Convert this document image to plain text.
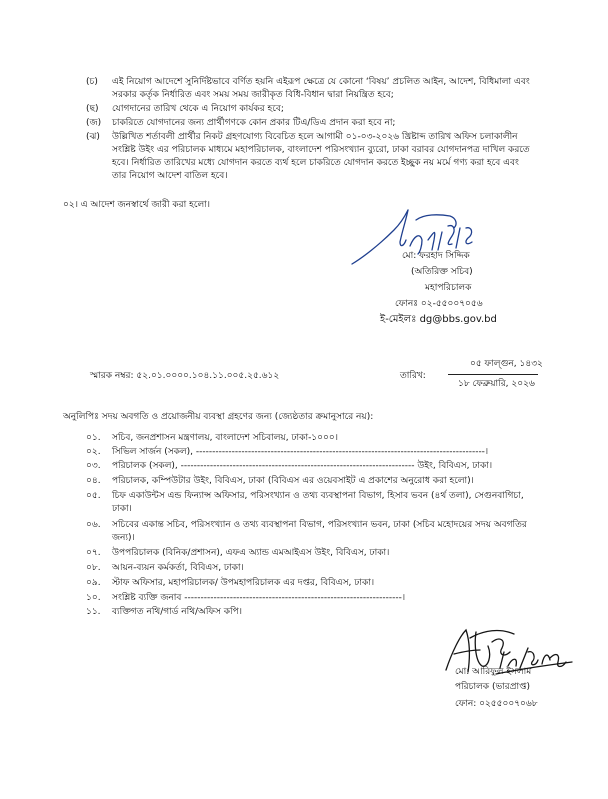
(চ) এই নিয়োগ আদেশে সুনির্দিষ্টভাবে বর্ণিত হয়নি এইরূপ ক্ষেত্রে যে কোনো ‘বিষয়’ প্রচলিত আইন, আদেশ, বিধিমালা এবং সরকার কর্তৃক নির্ধারিত এবং সময় সময় জারীকৃত বিধি-বিধান দ্বারা নিয়ন্ত্রিত হবে;
(ছ) যোগদানের তারিখ থেকে এ নিয়োগ কার্যকর হবে;
(জ) চাকরিতে যোগদানের জন্য প্রার্থীগণকে কোন প্রকার টিএ/ডিএ প্রদান করা হবে না;
(ঝ) উল্লিখিত শর্তাবলী প্রার্থীর নিকট গ্রহণযোগ্য বিবেচিত হলে আগামী ০১-০৩-২০২৬ খ্রিষ্টাব্দ তারিখ অফিস চলাকালীন সংশ্লিষ্ট উইং এর পরিচালক মাধ্যমে মহাপরিচালক, বাংলাদেশ পরিসংখ্যান ব্যুরো, ঢাকা বরাবর যোগদানপত্র দাখিল করতে হবে। নির্ধারিত তারিখের মধ্যে যোগদান করতে ব্যর্থ হলে চাকরিতে যোগদান করতে ইচ্ছুক নয় মর্মে গণ্য করা হবে এবং তার নিয়োগ আদেশ বাতিল হবে।
০২। এ আদেশ জনস্বার্থে জারী করা হলো।
মো: ফরহাদ সিদ্দিক
(অতিরিক্ত সচিব)
মহাপরিচালক
ফোনঃ ০২-৫৫০০৭০৫৬
ই-মেইলঃ dg@bbs.gov.bd
স্মারক নম্বর: ৫২.০১.০০০০.১০৪.১১.০০৫.২৫.৬১২	তারিখ:
০৫ ফাল্গুন, ১৪৩২
১৮ ফেব্রুয়ারি, ২০২৬
অনুলিপিঃ সদয় অবগতি ও প্রয়োজনীয় ব্যবস্থা গ্রহণের জন্য (জ্যেষ্ঠতার ক্রমানুসারে নয়):
০১. সচিব, জনপ্রশাসন মন্ত্রণালয়, বাংলাদেশ সচিবালয়, ঢাকা-১০০০।
০২. সিভিল সার্জন (সকল), -----------------------------------------------------------------------------------------।
০৩. পরিচালক (সকল), ------------------------------------------------------------------------ উইং, বিবিএস, ঢাকা।
০৪. পরিচালক, কম্পিউটার উইং, বিবিএস, ঢাকা (বিবিএস এর ওয়েবসাইট এ প্রকাশের অনুরোধ করা হলো)।
০৫. চিফ একাউন্টস এন্ড ফিন্যান্স অফিসার, পরিসংখ্যান ও তথ্য ব্যবস্থাপনা বিভাগ, হিসাব ভবন (৪র্থ তলা), সেগুনবাগিচা, ঢাকা।
০৬. সচিবের একান্ত সচিব, পরিসংখ্যান ও তথ্য ব্যবস্থাপনা বিভাগ, পরিসংখ্যান ভবন, ঢাকা (সচিব মহোদয়ের সদয় অবগতির জন্য)।
০৭. উপপরিচালক (বিনিক/প্রশাসন), এফএ অ্যান্ড এমআইএস উইং, বিবিএস, ঢাকা।
০৮. আয়ন-ব্যয়ন কর্মকর্তা, বিবিএস, ঢাকা।
০৯. স্টাফ অফিসার, মহাপরিচালক/ উপমহাপরিচালক এর দপ্তর, বিবিএস, ঢাকা।
১০. সংশ্লিষ্ট ব্যক্তি জনাব -------------------------------------------------------------------।
১১. ব্যক্তিগত নথি/গার্ড নথি/অফিস কপি।
মো: আরিফুল ইসলাম
পরিচালক (ভারপ্রাপ্ত)
ফোন: ০২৫৫০০৭০৬৮
